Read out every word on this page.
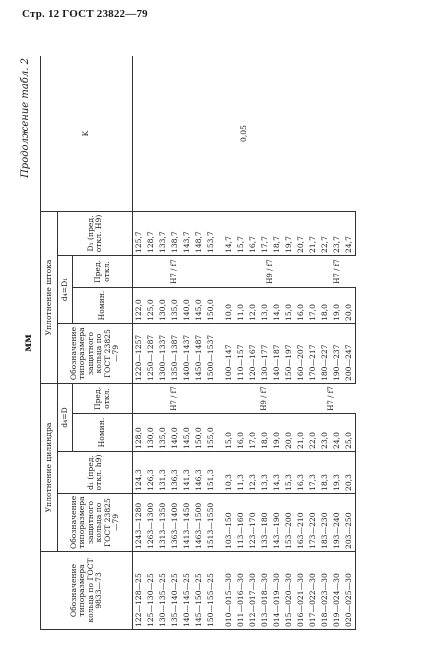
Стр. 12 ГОСТ 23822—79
мм
Продолжение табл. 2
Обозначение типоразмера кольца по ГОСТ 9833—73	Уплотнение цилиндра				Уплотнение штока				K
	Обозначение типоразмера защитного кольца по ГОСТ 23825—79	d₁ (пред. откл. h9)	d₄=D		Обозначение типоразмера защитного кольца по ГОСТ 23825—79	d₄=D₁		D₁ (пред. откл. H9)	
			Номин.	Пред. откл.		Номин.	Пред. откл.		
122—128—25	1243—1280	124,3	128,0	H7 / f7	1220—1257	122,0	H7 / f7	125,7	0,05
125—130—25	1263—1300	126,3	130,0		1250—1287	125,0		128,7	
130—135—25	1313—1350	131,3	135,0		1300—1337	130,0		133,7	
135—140—25	1363—1400	136,3	140,0		1350—1387	135,0		138,7	
140—145—25	1413—1450	141,3	145,0		1400—1437	140,0		143,7	
145—150—25	1463—1500	146,3	150,0		1450—1487	145,0		148,7	
150—155—25	1513—1550	151,3	155,0		1500—1537	150,0		153,7	

010—015—30	103—150	10,3	15,0	H9 / f7	100—147	10,0	H9 / f7	14,7	
011—016—30	113—160	11,3	16,0		110—157	11,0		15,7	
012—017—30	123—170	12,3	17,0		120—167	12,0		16,7	
013—018—30	133—180	13,3	18,0		130—177	13,0		17,7	
014—019—30	143—190	14,3	19,0		140—187	14,0		18,7	
015—020—30	153—200	15,3	20,0		150—197	15,0		19,7	
016—021—30	163—210	16,3	21,0		160—207	16,0		20,7	
017—022—30	173—220	17,3	22,0	H7 / f7	170—217	17,0		21,7	
018—023—30	183—230	18,3	23,0		180—227	18,0	H7 / f7	22,7	
019—024—30	193—240	19,3	24,0		190—237	19,0		23,7	
020—025—30	203—250	20,3	25,0		200—247	20,0		24,7	
